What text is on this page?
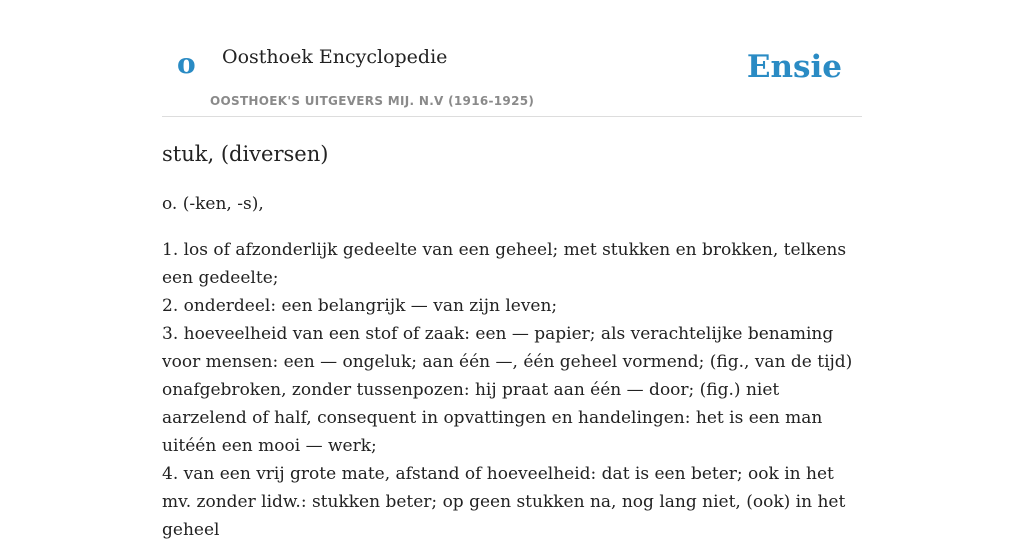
o Oosthoek Encyclopedie
OOSTHOEK'S UITGEVERS MIJ. N.V (1916-1925)
Ensie
stuk, (diversen)

o. (-ken, -s),

1. los of afzonderlijk gedeelte van een geheel; met stukken en brokken, telkens een gedeelte;
2. onderdeel: een belangrijk — van zijn leven;
3. hoeveelheid van een stof of zaak: een — papier; als verachtelijke benaming voor mensen: een — ongeluk; aan één —, één geheel vormend; (fig., van de tijd) onafgebroken, zonder tussenpozen: hij praat aan één — door; (fig.) niet aarzelend of half, consequent in opvattingen en handelingen: het is een man uitéén een mooi — werk;
4. van een vrij grote mate, afstand of hoeveelheid: dat is een beter; ook in het mv. zonder lidw.: stukken beter; op geen stukken na, nog lang niet, (ook) in het geheel
